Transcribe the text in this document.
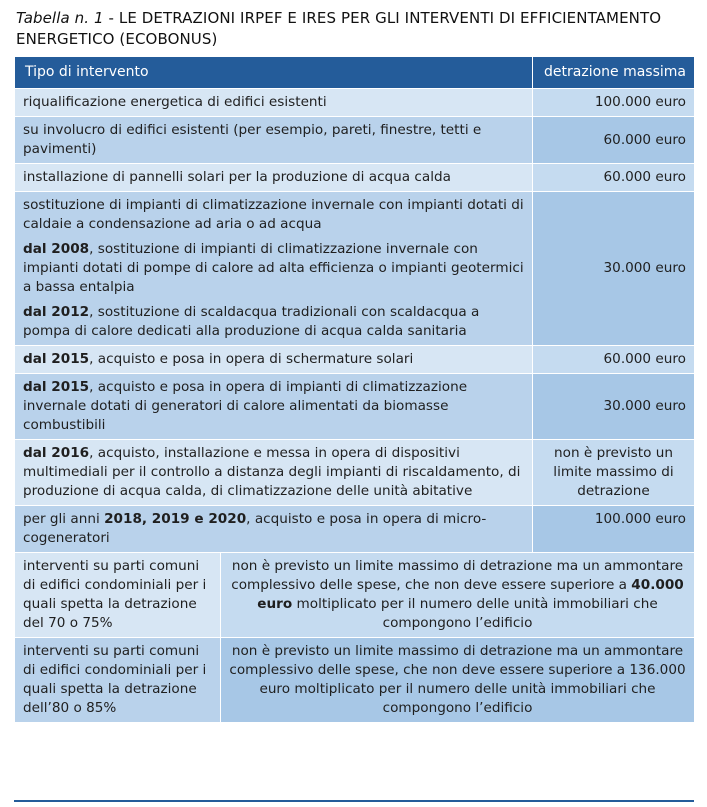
Tabella n. 1 - LE DETRAZIONI IRPEF E IRES PER GLI INTERVENTI DI EFFICIENTAMENTO ENERGETICO (ECOBONUS)
Tipo di intervento		detrazione massima
riqualificazione energetica di edifici esistenti		100.000 euro
su involucro di edifici esistenti (per esempio, pareti, finestre, tetti e pavimenti)		60.000 euro
installazione di pannelli solari per la produzione di acqua calda		60.000 euro

sostituzione di impianti di climatizzazione invernale con impianti dotati di caldaie a condensazione ad aria o ad acqua
dal 2008, sostituzione di impianti di climatizzazione invernale con impianti dotati di pompe di calore ad alta efficienza o impianti geotermici a bassa entalpia
dal 2012, sostituzione di scaldacqua tradizionali con scaldacqua a pompa di calore dedicati alla produzione di acqua calda sanitaria		30.000 euro
dal 2015, acquisto e posa in opera di schermature solari		60.000 euro
dal 2015, acquisto e posa in opera di impianti di climatizzazione invernale dotati di generatori di calore alimentati da biomasse combustibili		30.000 euro
dal 2016, acquisto, installazione e messa in opera di dispositivi multimediali per il controllo a distanza degli impianti di riscaldamento, di produzione di acqua calda, di climatizzazione delle unità abitative		non è previsto un limite massimo di detrazione
per gli anni 2018, 2019 e 2020, acquisto e posa in opera di micro-cogeneratori		100.000 euro
interventi su parti comuni di edifici condominiali per i quali spetta la detrazione del 70 o 75%	non è previsto un limite massimo di detrazione ma un ammontare complessivo delle spese, che non deve essere superiore a 40.000 euro moltiplicato per il numero delle unità immobiliari che compongono l’edificio	
interventi su parti comuni di edifici condominiali per i quali spetta la detrazione dell’80 o 85%	non è previsto un limite massimo di detrazione ma un ammontare complessivo delle spese, che non deve essere superiore a 136.000 euro moltiplicato per il numero delle unità immobiliari che compongono l’edificio	
